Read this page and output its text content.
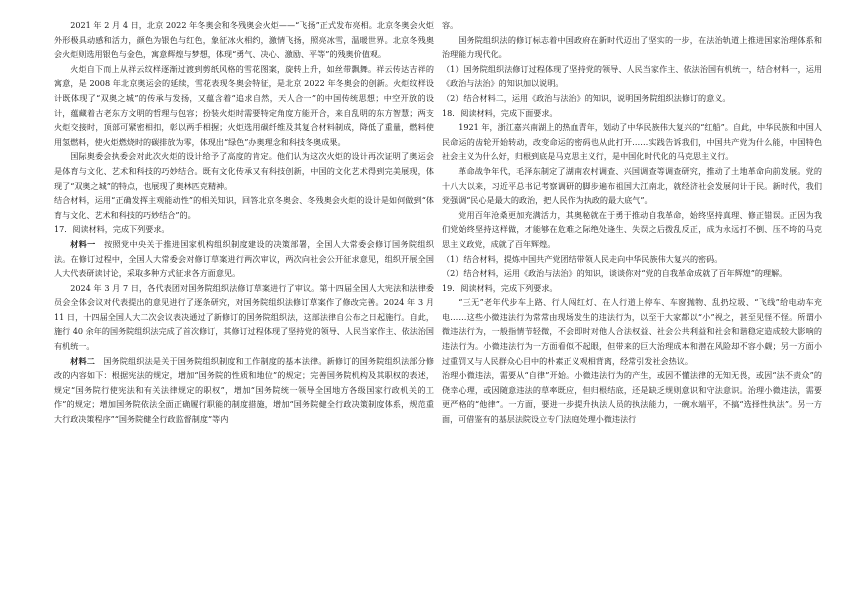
2021 年 2 月 4 日，北京 2022 年冬奥会和冬残奥会火炬——“飞扬”正式发布亮相。北京冬奥会火炬外形极具动感和活力，颜色为银色与红色，象征冰火相约，激情飞扬，照亮冰雪，温暖世界。北京冬残奥会火炬则选用银色与金色，寓意辉煌与梦想，体现“勇气、决心、激励、平等”的残奥价值观。

火炬自下而上从祥云纹样逐渐过渡到剪纸风格的雪花图案，旋转上升，如丝带飘舞。祥云传达吉祥的寓意，是 2008 年北京奥运会的延续，雪花表现冬奥会特征，是北京 2022 年冬奥会的创新。火炬纹样设计既体现了“双奥之城”的传承与发扬，又蕴含着“追求自然，天人合一”的中国传统思想；中空开放的设计，蕴藏着古老东方文明的哲理与包容；扮装火炬时需要特定角度方能开合，来自乱明的东方智慧；两支火炬交接时，顶部可紧密相扣，彰以两手相握；火炬选用碳纤维及其复合材料制成，降低了重量，燃料使用氢燃料，使火炬燃烧时的碳排放为零，体现出“绿色”办奥理念和科技冬奥成果。

国际奥委会执委会对此次火炬的设计给予了高度的肯定。他们认为这次火炬的设计再次证明了奥运会是体育与文化、艺术和科技的巧妙结合。既有文化传承又有科技创新，中国的文化艺术得到完美展现，体现了“双奥之城”的特点，也展现了奥林匹克精神。

结合材料，运用“正确发挥主观能动性”的相关知识，回答北京冬奥会、冬残奥会火炬的设计是如何做到“体育与文化、艺术和科技的巧妙结合”的。

17．阅读材料，完成下列要求。

材料一  按照党中央关于推进国家机构组织制度建设的决策部署，全国人大常委会修订国务院组织法。在修订过程中，全国人大常委会对修订草案进行两次审议，两次向社会公开征求意见，组织开展全国人大代表研读讨论，采取多种方式征求各方面意见。

2024 年 3 月 7 日，各代表团对国务院组织法修订草案进行了审议。第十四届全国人大宪法和法律委员会全体会议对代表提出的意见进行了逐条研究，对国务院组织法修订草案作了修改完善。2024 年 3 月 11 日，十四届全国人大二次会议表决通过了新修订的国务院组织法，这部法律自公布之日起施行。自此，施行 40 余年的国务院组织法完成了首次修订，其修订过程体现了坚持党的领导、人民当家作主、依法治国有机统一。

材料二  国务院组织法是关于国务院组织制度和工作制度的基本法律。新修订的国务院组织法部分修改的内容如下：根据宪法的规定，增加“国务院的性质和地位”的规定；完善国务院机构及其职权的表述，规定“国务院行使宪法和有关法律规定的职权”，增加“国务院统一领导全国地方各级国家行政机关的工作”的规定；增加国务院依法全面正确履行职能的制度措施，增加“国务院健全行政决策制度体系，规范重大行政决策程序”“国务院健全行政监督制度”等内

容。

国务院组织法的修订标志着中国政府在新时代迈出了坚实的一步，在法治轨道上推进国家治理体系和治理能力现代化。

（1）国务院组织法修订过程体现了坚持党的领导、人民当家作主、依法治国有机统一，结合材料一，运用《政治与法治》的知识加以说明。

（2）结合材料二，运用《政治与法治》的知识，说明国务院组织法修订的意义。

18．阅读材料，完成下面要求。

1921 年，浙江嘉兴南湖上的热血青年，划动了中华民族伟大复兴的“红船”。自此，中华民族和中国人民命运的齿轮开始转动，改变命运的密码也从此打开……实践告诉我们，中国共产党为什么能，中国特色社会主义为什么好，归根到底是马克思主义行，是中国化时代化的马克思主义行。

革命战争年代，毛泽东制定了湖南农村调查、兴国调查等调查研究，推动了土地革命向前发展。党的十八大以来，习近平总书记考察调研的脚步遍布祖国大江南北，就经济社会发展问计于民。新时代，我们党强调“民心是最大的政治，把人民作为执政的最大底气”。

党用百年沧桑更加充满活力，其奥秘就在于勇于推动自我革命，始终坚持真理、修正错误。正因为我们党始终坚持这样做，才能够在危难之际绝处逢生、失误之后拨乱反正，成为永远打不倒、压不垮的马克思主义政党，成就了百年辉煌。

（1）结合材料，提炼中国共产党团结带领人民走向中华民族伟大复兴的密码。

（2）结合材料，运用《政治与法治》的知识，谈谈你对“党的自我革命成就了百年辉煌”的理解。

19．阅读材料，完成下列要求。

“三无”老年代步车上路、行人闯红灯、在人行道上停车、车窗抛物、乱扔垃圾、“飞线”给电动车充电……这些小微违法行为常常由现场发生的违法行为，以至于大家都以“小”视之，甚至见怪不怪。所谓小微违法行为，一般指情节轻微，不会即时对他人合法权益、社会公共利益和社会和谐稳定造成较大影响的违法行为。小微违法行为一方面看似不起眼，但带来的巨大治理成本和潜在风险却不容小觑；另一方面小过重罚又与人民群众心目中的朴素正义观相背离，经常引发社会热议。

治理小微违法，需要从“自律”开始。小微违法行为的产生，或因不懂法律的无知无畏，或因“法不责众”的侥幸心理，或因随意违法的草率既应，但归根结底，还是缺乏规则意识和守法意识。治理小微违法，需要更严格的“他律”。一方面，要进一步提升执法人员的执法能力，一碗水端平，不搞“选择性执法”。另一方面，可借鉴有的基层法院设立专门法庭处理小微违法行
